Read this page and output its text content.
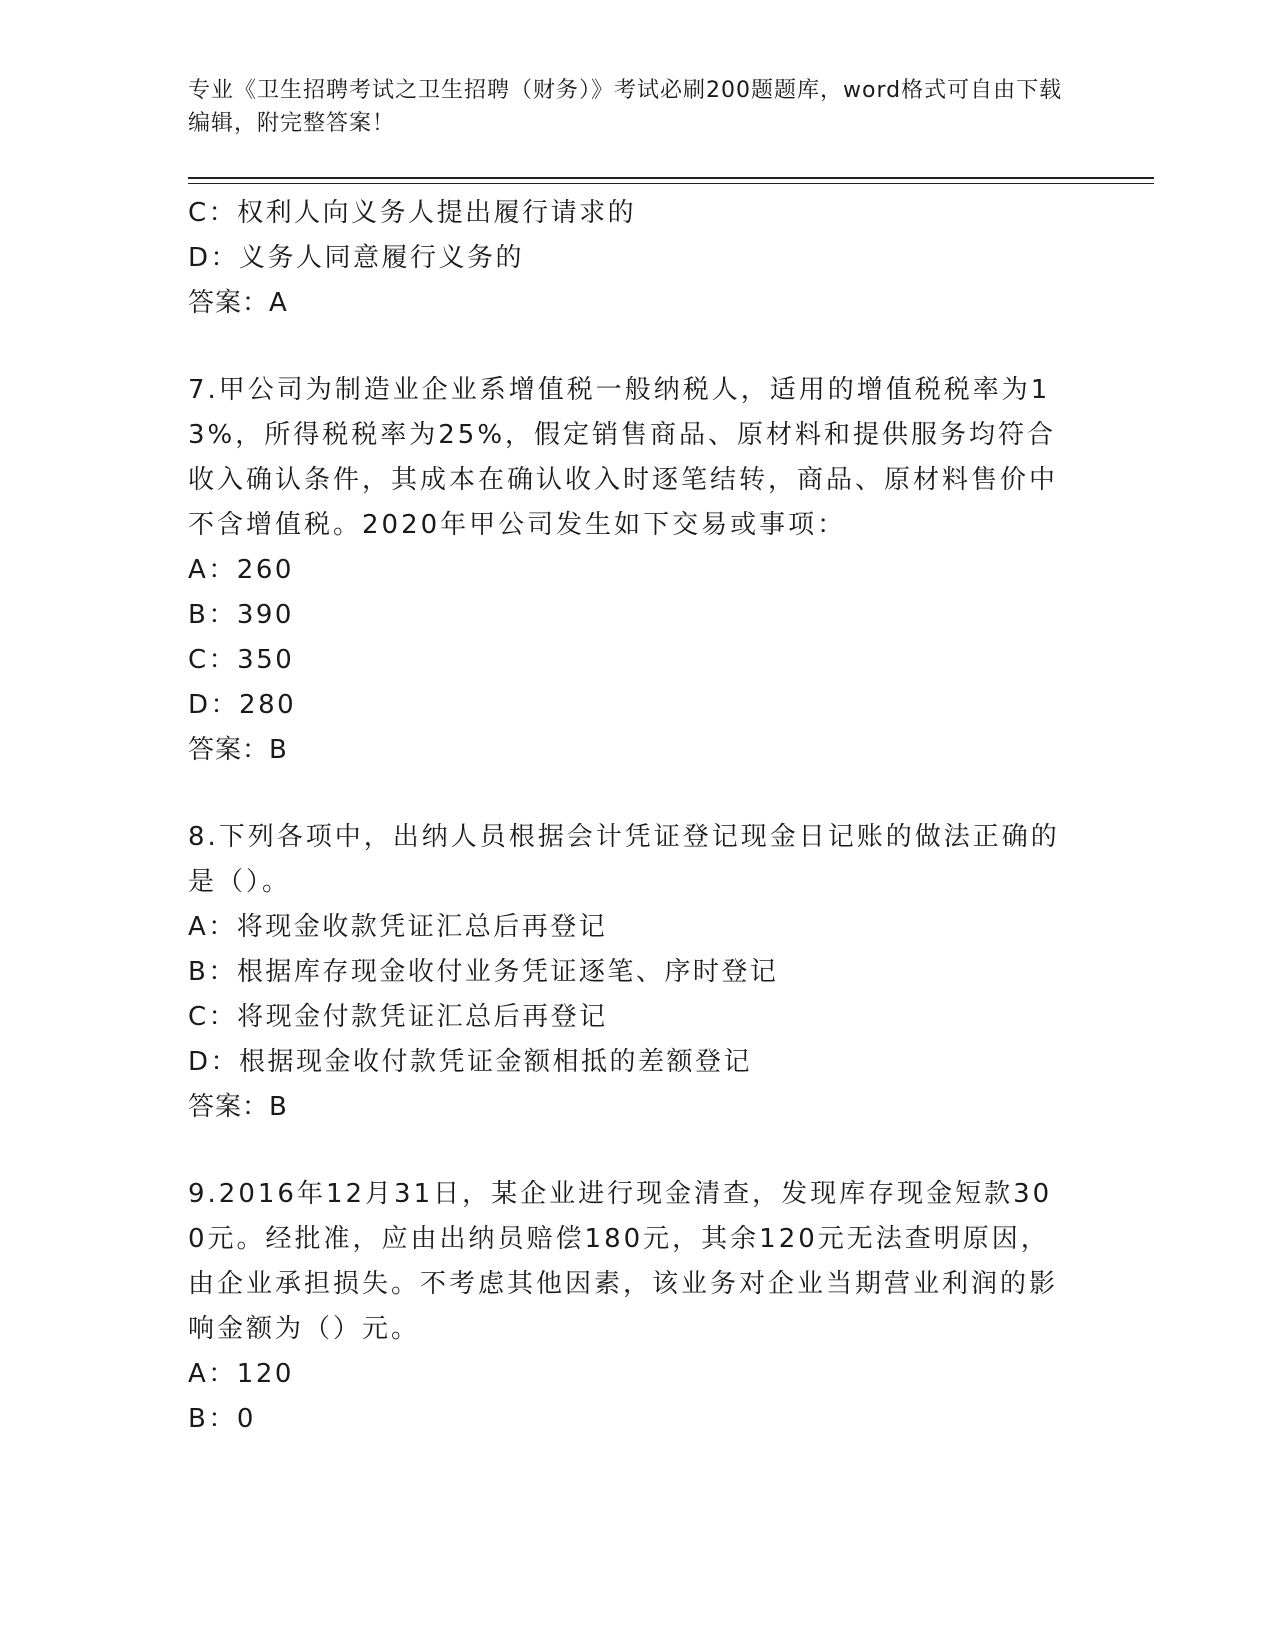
专业《卫生招聘考试之卫生招聘（财务）》考试必刷200题题库，word格式可自由下载编辑，附完整答案！
C：权利人向义务人提出履行请求的
D：义务人同意履行义务的
答案：A
7.甲公司为制造业企业系增值税一般纳税人，适用的增值税税率为13%，所得税税率为25%，假定销售商品、原材料和提供服务均符合收入确认条件，其成本在确认收入时逐笔结转，商品、原材料售价中不含增值税。2020年甲公司发生如下交易或事项：
A：260
B：390
C：350
D：280
答案：B
8.下列各项中，出纳人员根据会计凭证登记现金日记账的做法正确的是（）。
A：将现金收款凭证汇总后再登记
B：根据库存现金收付业务凭证逐笔、序时登记
C：将现金付款凭证汇总后再登记
D：根据现金收付款凭证金额相抵的差额登记
答案：B
9.2016年12月31日，某企业进行现金清查，发现库存现金短款300元。经批准，应由出纳员赔偿180元，其余120元无法查明原因，由企业承担损失。不考虑其他因素，该业务对企业当期营业利润的影响金额为（）元。
A：120
B：0
